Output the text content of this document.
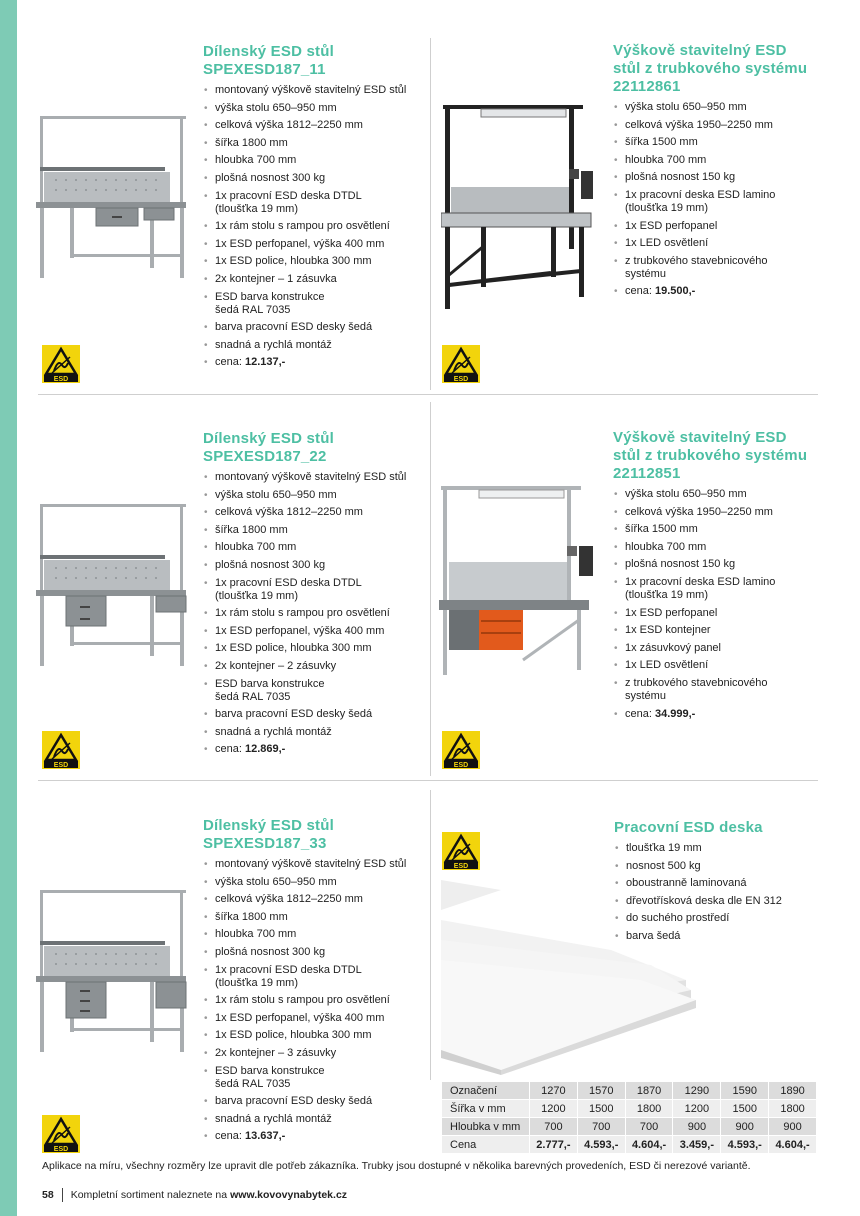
ESD
Dílenský ESD stůl
SPEXESD187_11
• montovaný výškově stavitelný ESD stůl
• výška stolu 650–950 mm
• celková výška 1812–2250 mm
• šířka 1800 mm
• hloubka 700 mm
• plošná nosnost 300 kg
• 1x pracovní ESD deska DTDL
(tloušťka 19 mm)
• 1x rám stolu s rampou pro osvětlení
• 1x ESD perfopanel, výška 400 mm
• 1x ESD police, hloubka 300 mm
• 2x kontejner – 1 zásuvka
• ESD barva konstrukce
šedá RAL 7035
• barva pracovní ESD desky šedá
• snadná a rychlá montáž
• cena: 12.137,-
ESD
Výškově stavitelný ESD
stůl z trubkového systému
22112861
• výška stolu 650–950 mm
• celková výška 1950–2250 mm
• šířka 1500 mm
• hloubka 700 mm
• plošná nosnost 150 kg
• 1x pracovní deska ESD lamino
(tloušťka 19 mm)
• 1x ESD perfopanel
• 1x LED osvětlení
• z trubkového stavebnicového
systému
• cena: 19.500,-
ESD
Dílenský ESD stůl
SPEXESD187_22
• montovaný výškově stavitelný ESD stůl
• výška stolu 650–950 mm
• celková výška 1812–2250 mm
• šířka 1800 mm
• hloubka 700 mm
• plošná nosnost 300 kg
• 1x pracovní ESD deska DTDL
(tloušťka 19 mm)
• 1x rám stolu s rampou pro osvětlení
• 1x ESD perfopanel, výška 400 mm
• 1x ESD police, hloubka 300 mm
• 2x kontejner – 2 zásuvky
• ESD barva konstrukce
šedá RAL 7035
• barva pracovní ESD desky šedá
• snadná a rychlá montáž
• cena: 12.869,-
ESD
Výškově stavitelný ESD
stůl z trubkového systému
22112851
• výška stolu 650–950 mm
• celková výška 1950–2250 mm
• šířka 1500 mm
• hloubka 700 mm
• plošná nosnost 150 kg
• 1x pracovní deska ESD lamino
(tloušťka 19 mm)
• 1x ESD perfopanel
• 1x ESD kontejner
• 1x zásuvkový panel
• 1x LED osvětlení
• z trubkového stavebnicového
systému
• cena: 34.999,-
ESD
Dílenský ESD stůl
SPEXESD187_33
• montovaný výškově stavitelný ESD stůl
• výška stolu 650–950 mm
• celková výška 1812–2250 mm
• šířka 1800 mm
• hloubka 700 mm
• plošná nosnost 300 kg
• 1x pracovní ESD deska DTDL
(tloušťka 19 mm)
• 1x rám stolu s rampou pro osvětlení
• 1x ESD perfopanel, výška 400 mm
• 1x ESD police, hloubka 300 mm
• 2x kontejner – 3 zásuvky
• ESD barva konstrukce
šedá RAL 7035
• barva pracovní ESD desky šedá
• snadná a rychlá montáž
• cena: 13.637,-
ESD
Pracovní ESD deska
• tloušťka 19 mm
• nosnost 500 kg
• oboustranně laminovaná
• dřevotřísková deska dle EN 312
• do suchého prostředí
• barva šedá
Označení	1270	1570	1870	1290	1590	1890
Šířka v mm	1200	1500	1800	1200	1500	1800
Hloubka v mm	700	700	700	900	900	900
Cena	2.777,-	4.593,-	4.604,-	3.459,-	4.593,-	4.604,-
Aplikace na míru, všechny rozměry lze upravit dle potřeb zákazníka. Trubky jsou dostupné v několika barevných provedeních, ESD či nerezové variantě.
58 Kompletní sortiment naleznete na www.kovovynabytek.cz
